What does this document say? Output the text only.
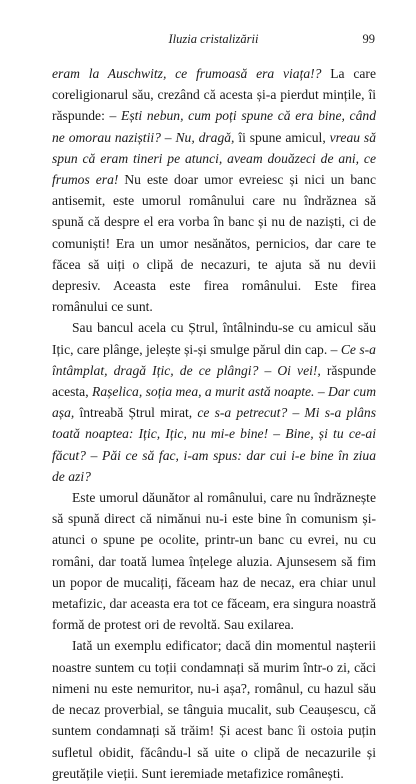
Iluzia cristalizării	99

eram la Auschwitz, ce frumoasă era viața!? La care coreligionarul său, crezând că acesta și-a pierdut mințile, îi răspunde: – Ești nebun, cum poți spune că era bine, când ne omorau naziștii? – Nu, dragă, îi spune amicul, vreau să spun că eram tineri pe atunci, aveam douăzeci de ani, ce frumos era! Nu este doar umor evreiesc și nici un banc antisemit, este umorul românului care nu îndrăznea să spună că despre el era vorba în banc și nu de naziști, ci de comuniști! Era un umor nesănătos, pernicios, dar care te făcea să uiți o clipă de necazuri, te ajuta să nu devii depresiv. Aceasta este firea românului. Este firea românului ce sunt.

Sau bancul acela cu Ștrul, întâlnindu-se cu amicul său Ițic, care plânge, jelește și-și smulge părul din cap. – Ce s-a întâmplat, dragă Ițic, de ce plângi? – Oi vei!, răspunde acesta, Rașelica, soția mea, a murit astă noapte. – Dar cum așa, întreabă Ștrul mirat, ce s-a petrecut? – Mi s-a plâns toată noaptea: Ițic, Ițic, nu mi-e bine! – Bine, și tu ce-ai făcut? – Păi ce să fac, i-am spus: dar cui i-e bine în ziua de azi?

Este umorul dăunător al românului, care nu îndrăznește să spună direct că nimănui nu-i este bine în comunism și-atunci o spune pe ocolite, printr-un banc cu evrei, nu cu români, dar toată lumea înțelege aluzia. Ajunsesem să fim un popor de mucaliți, făceam haz de necaz, era chiar unul metafizic, dar aceasta era tot ce făceam, era singura noastră formă de protest ori de revoltă. Sau exilarea.

Iată un exemplu edificator; dacă din momentul nașterii noastre suntem cu toții condamnați să murim într-o zi, căci nimeni nu este nemuritor, nu-i așa?, românul, cu hazul său de necaz proverbial, se tânguia mucalit, sub Ceaușescu, că suntem condamnați să trăim! Și acest banc îi ostoia puțin sufletul obidit, făcându-l să uite o clipă de necazurile și greutățile vieții. Sunt ieremiade metafizice românești.
